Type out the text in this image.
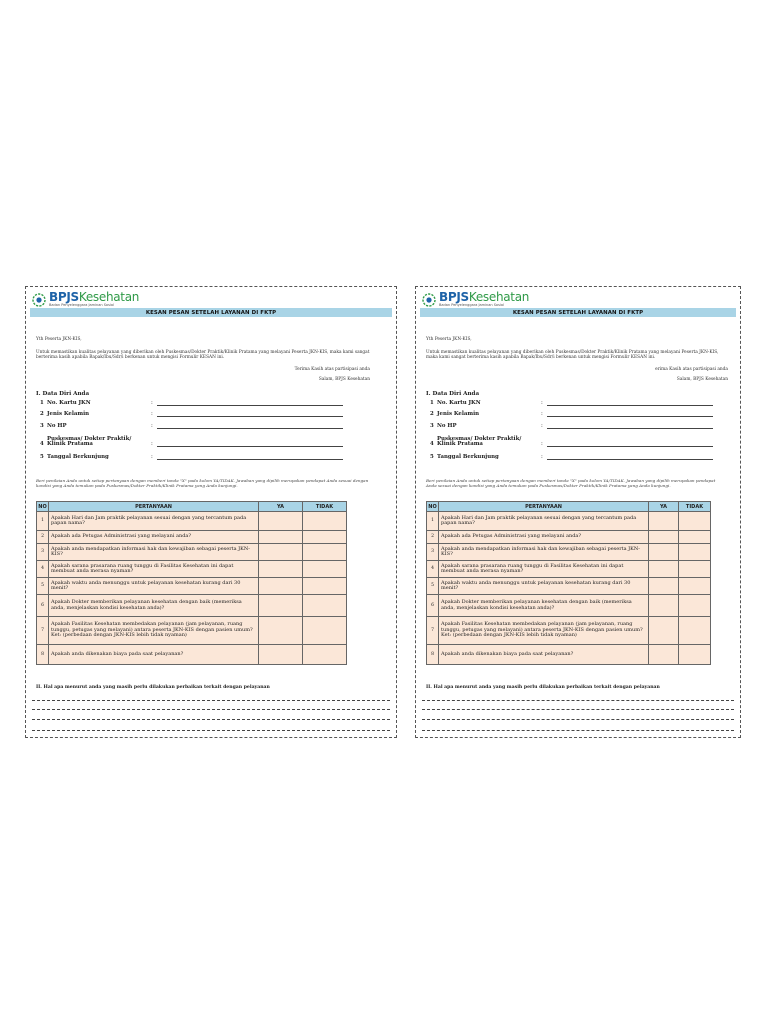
BPJSKesehatan
Badan Penyelenggara Jaminan Sosial
KESAN PESAN SETELAH LAYANAN DI FKTP
Yth Peserta JKN-KIS,
Untuk memastikan kualitas pelayanan yang diberikan oleh Puskesmas/Dokter Praktik/Klinik Pratama yang melayani Peserta JKN-KIS, maka kami sangat berterima kasih apabila Bapak/Ibu/Sdr/i berkenan untuk mengisi Formulir KESAN ini.
Terima Kasih atas partisipasi anda
Salam, BPJS Kesehatan
I. Data Diri Anda
1 No. Kartu JKN	:
2 Jenis Kelamin	:
3 No HP	:
4
Puskesmas/ Dokter Praktik/ Klinik Pratama	:
5 Tanggal Berkunjung	:
Beri penilaian Anda untuk setiap pertanyaan dengan memberi tanda "X" pada kolom YA/TIDAK. Jawaban yang dipilih merupakan pendapat Anda sesuai dengan kondisi yang Anda temukan pada Puskesmas/Dokter Praktik/Klinik Pratama yang Anda kunjungi.
NO	PERTANYAAN	YA	TIDAK
1	Apakah Hari dan Jam praktik pelayanan sesuai dengan yang tercantum pada papan nama?		
2	Apakah ada Petugas Administrasi yang melayani anda?		
3	Apakah anda mendapatkan informasi hak dan kewajiban sebagai peserta JKN-KIS?		
4	Apakah sarana prasarana ruang tunggu di Fasilitas Kesehatan ini dapat membuat anda merasa nyaman?		
5	Apakah waktu anda menunggu untuk pelayanan kesehatan kurang dari 30 menit?		
6	Apakah Dokter memberikan pelayanan kesehatan dengan baik (memeriksa anda, menjelaskan kondisi kesehatan anda)?		
7	Apakah Fasilitas Kesehatan membedakan pelayanan (jam pelayanan, ruang tunggu, petugas yang melayani) antara peserta JKN-KIS dengan pasien umum? Ket: (perbedaan dengan JKN-KIS lebih tidak nyaman)		
8	Apakah anda dikenakan biaya pada saat pelayanan?		
II. Hal apa menurut anda yang masih perlu dilakukan perbaikan terkait dengan pelayanan
BPJSKesehatan
Badan Penyelenggara Jaminan Sosial
KESAN PESAN SETELAH LAYANAN DI FKTP
Yth Peserta JKN-KIS,
Untuk memastikan kualitas pelayanan yang diberikan oleh Puskesmas/Dokter Praktik/Klinik Pratama yang melayani Peserta JKN-KIS, maka kami sangat berterima kasih apabila Bapak/Ibu/Sdr/i berkenan untuk mengisi Formulir KESAN ini.
erima Kasih atas partisipasi anda
Salam, BPJS Kesehatan
I. Data Diri Anda
1 No. Kartu JKN	:
2 Jenis Kelamin	:
3 No HP	:
4
Puskesmas/ Dokter Praktik/ Klinik Pratama	:
5 Tanggal Berkunjung	:
Beri penilaian Anda untuk setiap pertanyaan dengan memberi tanda "X" pada kolom YA/TIDAK. Jawaban yang dipilih merupakan pendapat Anda sesuai dengan kondisi yang Anda temukan pada Puskesmas/Dokter Praktik/Klinik Pratama yang Anda kunjungi.
NO	PERTANYAAN	YA	TIDAK
1	Apakah Hari dan Jam praktik pelayanan sesuai dengan yang tercantum pada papan nama?		
2	Apakah ada Petugas Administrasi yang melayani anda?		
3	Apakah anda mendapatkan informasi hak dan kewajiban sebagai peserta JKN-KIS?		
4	Apakah sarana prasarana ruang tunggu di Fasilitas Kesehatan ini dapat membuat anda merasa nyaman?		
5	Apakah waktu anda menunggu untuk pelayanan kesehatan kurang dari 30 menit?		
6	Apakah Dokter memberikan pelayanan kesehatan dengan baik (memeriksa anda, menjelaskan kondisi kesehatan anda)?		
7	Apakah Fasilitas Kesehatan membedakan pelayanan (jam pelayanan, ruang tunggu, petugas yang melayani) antara peserta JKN-KIS dengan pasien umum? Ket: (perbedaan dengan JKN-KIS lebih tidak nyaman)		
8	Apakah anda dikenakan biaya pada saat pelayanan?		
II. Hal apa menurut anda yang masih perlu dilakukan perbaikan terkait dengan pelayanan
